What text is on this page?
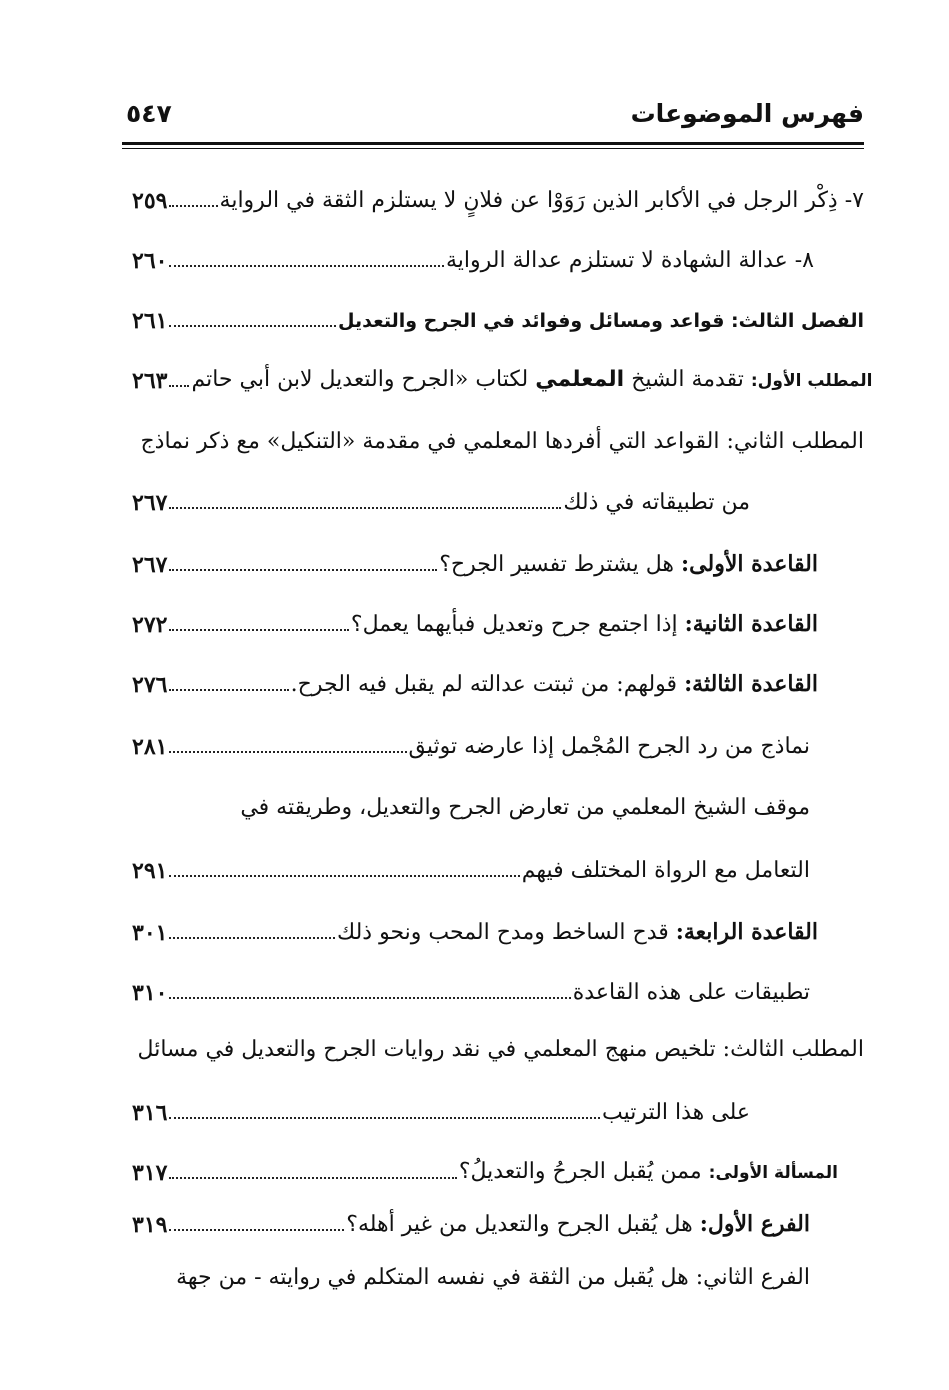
فهرس الموضوعات
٥٤٧
٢٥٩ ٧- ذِكْر الرجل في الأكابر الذين رَوَوْا عن فلانٍ لا يستلزم الثقة في الرواية
٢٦٠	٨- عدالة الشهادة لا تستلزم عدالة الرواية
٢٦١	الفصل الثالث: قواعد ومسائل وفوائد في الجرح والتعديل
٢٦٣	المطلب الأول: تقدمة الشيخ المعلمي لكتاب «الجرح والتعديل لابن أبي حاتم
المطلب الثاني: القواعد التي أفردها المعلمي في مقدمة «التنكيل» مع ذكر نماذج
٢٦٧	من تطبيقاته في ذلك
٢٦٧	القاعدة الأولى: هل يشترط تفسير الجرح؟
٢٧٢	القاعدة الثانية: إذا اجتمع جرح وتعديل فبأيهما يعمل؟
٢٧٦	القاعدة الثالثة: قولهم: من ثبتت عدالته لم يقبل فيه الجرح.
٢٨١	نماذج من رد الجرح المُجْمل إذا عارضه توثيق
موقف الشيخ المعلمي من تعارض الجرح والتعديل، وطريقته في
٢٩١	التعامل مع الرواة المختلف فيهم
٣٠١	القاعدة الرابعة: قدح الساخط ومدح المحب ونحو ذلك
٣١٠	تطبيقات على هذه القاعدة
المطلب الثالث: تلخيص منهج المعلمي في نقد روايات الجرح والتعديل في مسائل
٣١٦	على هذا الترتيب
٣١٧	المسألة الأولى: ممن يُقبل الجرحُ والتعديلُ؟
٣١٩	الفرع الأول: هل يُقبل الجرح والتعديل من غير أهله؟
الفرع الثاني: هل يُقبل من الثقة في نفسه المتكلم في روايته - من جهة
